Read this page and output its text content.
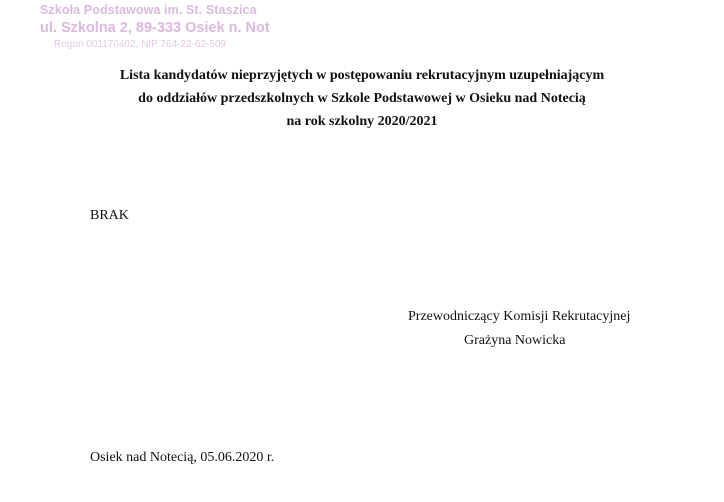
Szkoła Podstawowa im. St. Staszica
ul. Szkolna 2, 89-333 Osiek n. Not
Regon 001170402, NIP 764-22-62-509
Lista kandydatów nieprzyjętych w postępowaniu rekrutacyjnym uzupełniającym
do oddziałów przedszkolnych w Szkole Podstawowej w Osieku nad Notecią
na rok szkolny 2020/2021
BRAK
Przewodniczący Komisji Rekrutacyjnej
Grażyna Nowicka
Osiek nad Notecią, 05.06.2020 r.
